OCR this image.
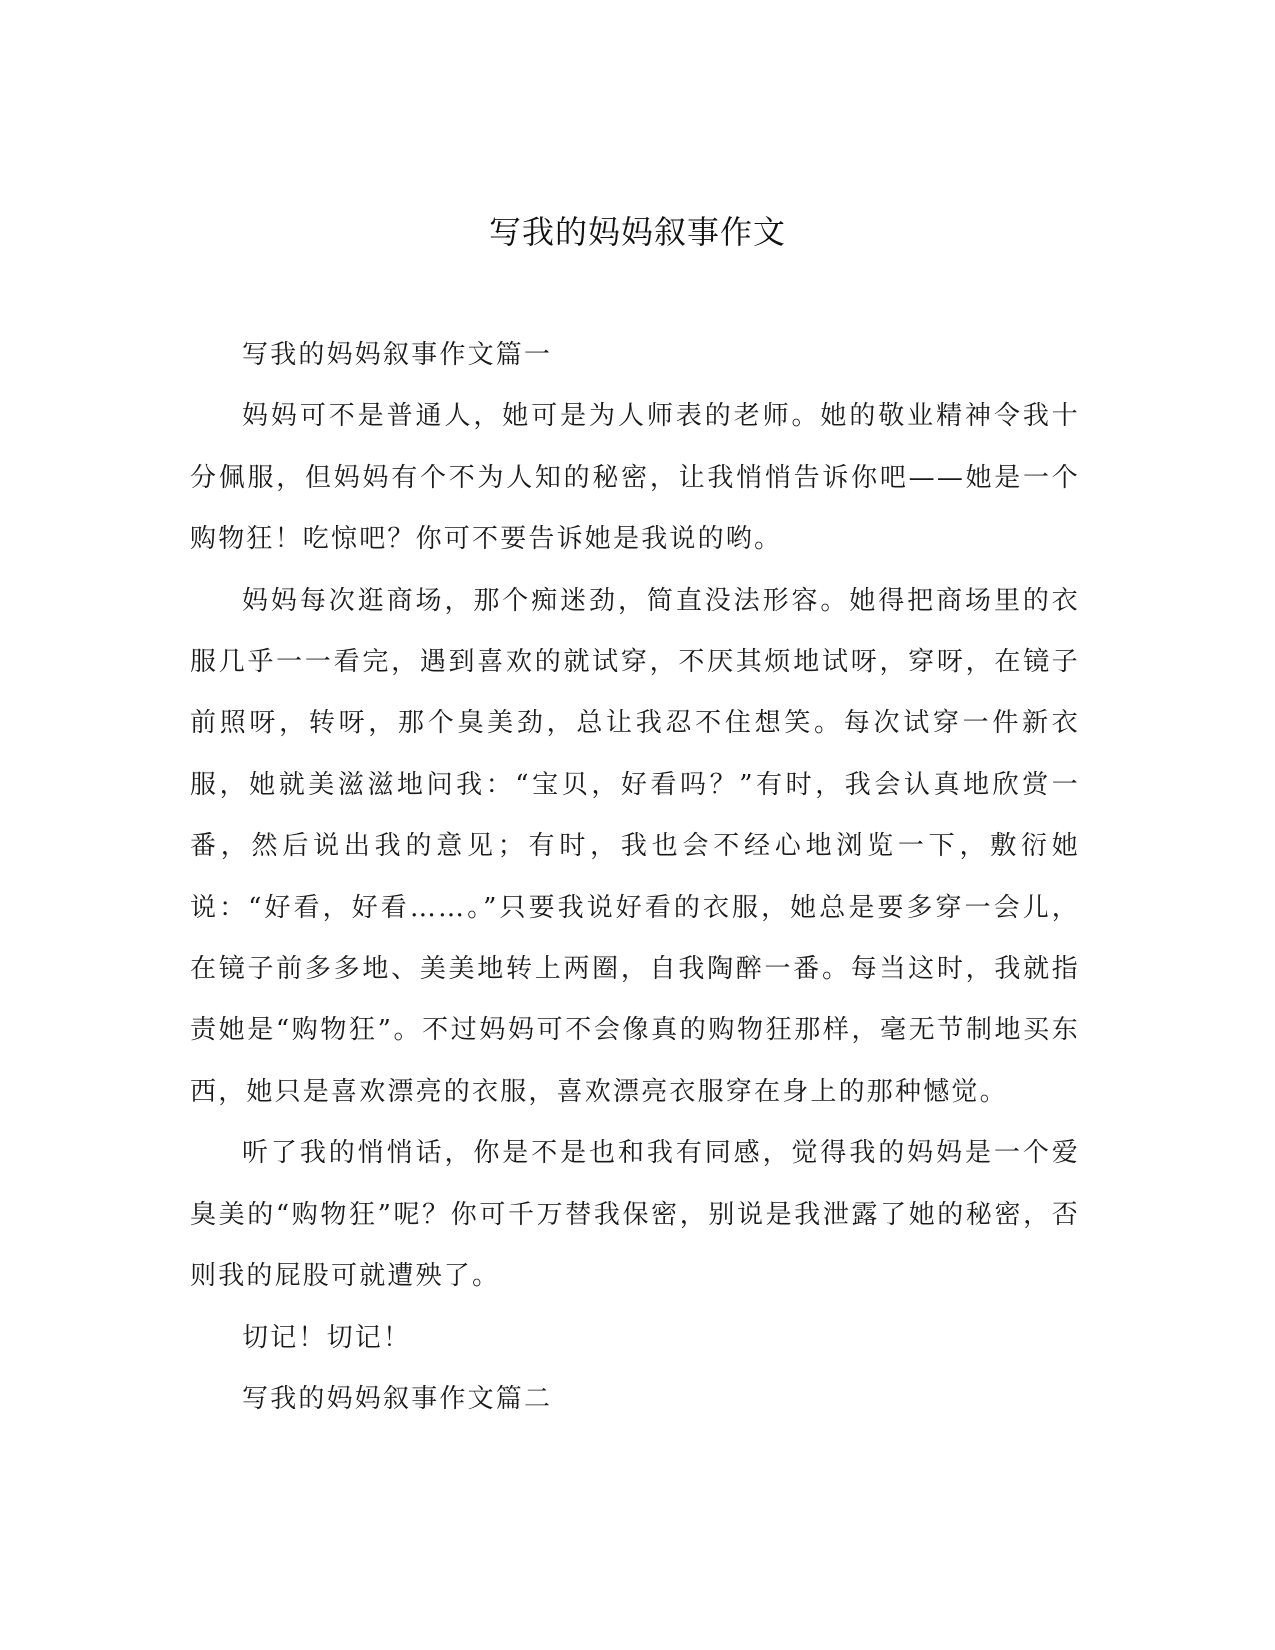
写我的妈妈叙事作文

写我的妈妈叙事作文篇一

妈妈可不是普通人，她可是为人师表的老师。她的敬业精神令我十分佩服，但妈妈有个不为人知的秘密，让我悄悄告诉你吧——她是一个购物狂！吃惊吧？你可不要告诉她是我说的哟。

妈妈每次逛商场，那个痴迷劲，简直没法形容。她得把商场里的衣服几乎一一看完，遇到喜欢的就试穿，不厌其烦地试呀，穿呀，在镜子前照呀，转呀，那个臭美劲，总让我忍不住想笑。每次试穿一件新衣服，她就美滋滋地问我：“宝贝，好看吗？”有时，我会认真地欣赏一番，然后说出我的意见；有时，我也会不经心地浏览一下，敷衍她说：“好看，好看……。”只要我说好看的衣服，她总是要多穿一会儿，在镜子前多多地、美美地转上两圈，自我陶醉一番。每当这时，我就指责她是“购物狂”。不过妈妈可不会像真的购物狂那样，毫无节制地买东西，她只是喜欢漂亮的衣服，喜欢漂亮衣服穿在身上的那种憾觉。

听了我的悄悄话，你是不是也和我有同感，觉得我的妈妈是一个爱臭美的“购物狂”呢？你可千万替我保密，别说是我泄露了她的秘密，否则我的屁股可就遭殃了。

切记！切记！

写我的妈妈叙事作文篇二
